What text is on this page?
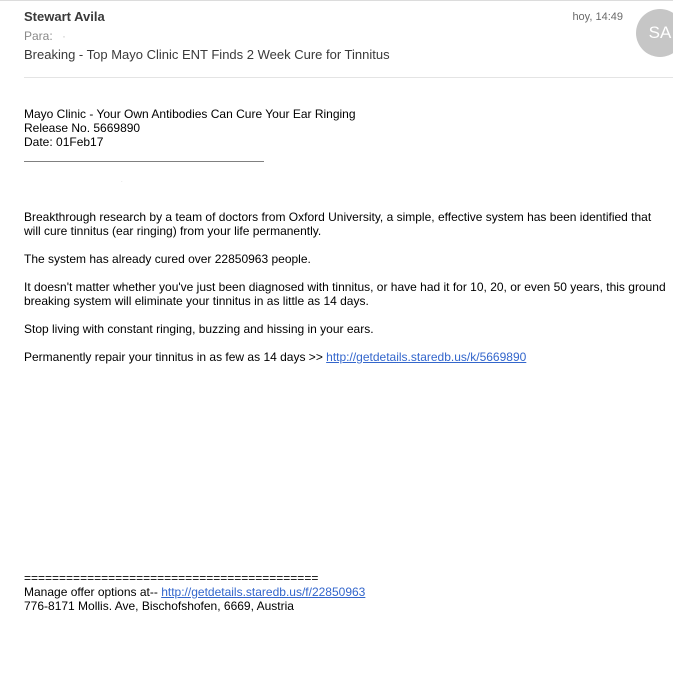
Stewart Avila
Para: ·
Breaking - Top Mayo Clinic ENT Finds 2 Week Cure for Tinnitus
hoy, 14:49
SA

Mayo Clinic - Your Own Antibodies Can Cure Your Ear Ringing

Release No. 5669890

Date: 01Feb17

.

Breakthrough research by a team of doctors from Oxford University, a simple, effective system has been identified that will cure tinnitus (ear ringing) from your life permanently.

The system has already cured over 22850963 people.

It doesn't matter whether you've just been diagnosed with tinnitus, or have had it for 10, 20, or even 50 years, this ground breaking system will eliminate your tinnitus in as little as 14 days.

Stop living with constant ringing, buzzing and hissing in your ears.

Permanently repair your tinnitus in as few as 14 days >> http://getdetails.staredb.us/k/5669890

==========================================

Manage offer options at-- http://getdetails.staredb.us/f/22850963

776-8171 Mollis. Ave, Bischofshofen, 6669, Austria
